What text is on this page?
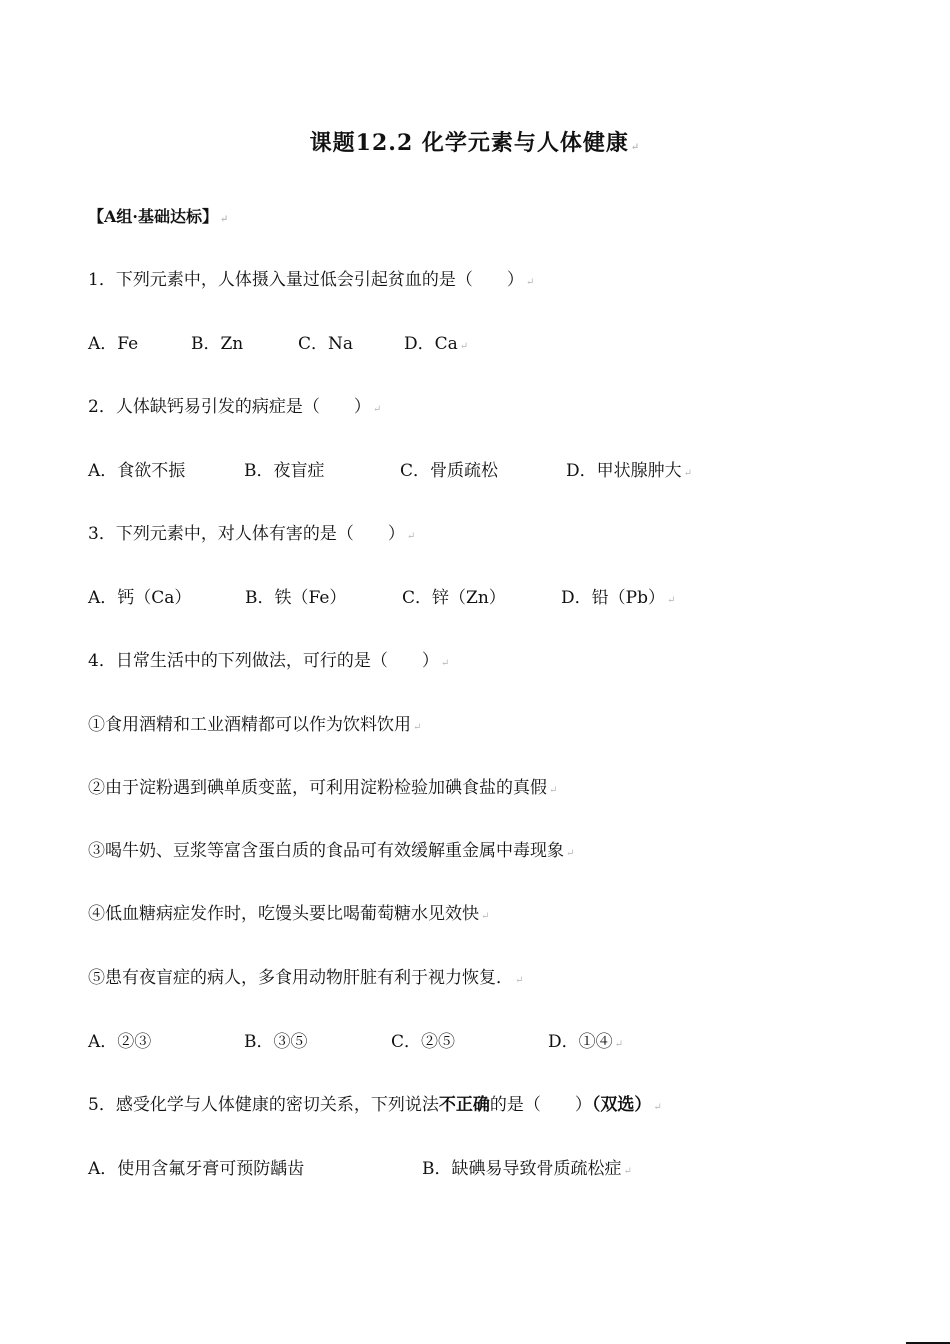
课题12.2 化学元素与人体健康 ↵
【A组·基础达标】 ↵
1．下列元素中，人体摄入量过低会引起贫血的是（　　） ↵
A．Fe	B．Zn	C．Na	D．Ca ↵
2．人体缺钙易引发的病症是（　　） ↵
A．食欲不振	B．夜盲症	C．骨质疏松	D．甲状腺肿大 ↵
3．下列元素中，对人体有害的是（　　） ↵
A．钙（Ca）	B．铁（Fe）	C．锌（Zn）	D．铅（Pb） ↵
4．日常生活中的下列做法，可行的是（　　） ↵
①食用酒精和工业酒精都可以作为饮料饮用 ↵
②由于淀粉遇到碘单质变蓝，可利用淀粉检验加碘食盐的真假 ↵
③喝牛奶、豆浆等富含蛋白质的食品可有效缓解重金属中毒现象 ↵
④低血糖病症发作时，吃馒头要比喝葡萄糖水见效快 ↵
⑤患有夜盲症的病人，多食用动物肝脏有利于视力恢复． ↵
A．②③	B．③⑤	C．②⑤	D．①④ ↵
5．感受化学与人体健康的密切关系，下列说法不正确的是（　　）（双选） ↵
A．使用含氟牙膏可预防龋齿	B．缺碘易导致骨质疏松症 ↵
